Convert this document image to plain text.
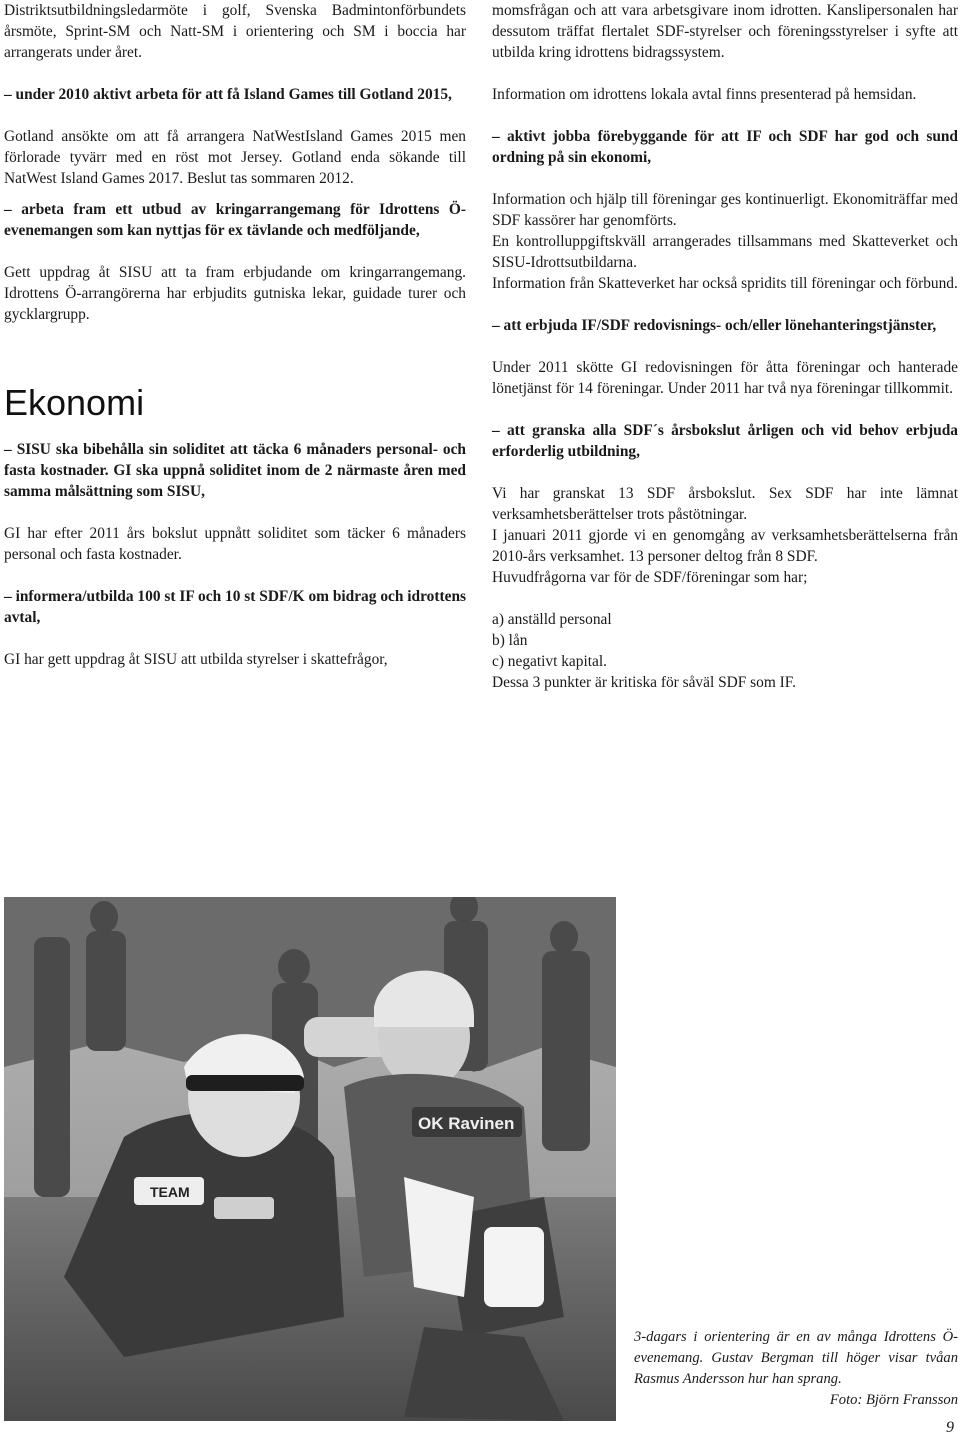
Distriktsutbildningsledarmöte i golf, Svenska Badmintonförbundets årsmöte, Sprint-SM och Natt-SM i orientering och SM i boccia har arrangerats under året.

– under 2010 aktivt arbeta för att få Island Games till Gotland 2015,

Gotland ansökte om att få arrangera NatWestIsland Games 2015 men förlorade tyvärr med en röst mot Jersey. Gotland enda sökande till NatWest Island Games 2017. Beslut tas sommaren 2012.

– arbeta fram ett utbud av kringarrangemang för Idrottens Ö-evenemangen som kan nyttjas för ex tävlande och medföljande,

Gett uppdrag åt SISU att ta fram erbjudande om kringarrangemang. Idrottens Ö-arrangörerna har erbjudits gutniska lekar, guidade turer och gycklargrupp.

Ekonomi

– SISU ska bibehålla sin soliditet att täcka 6 månaders personal- och fasta kostnader. GI ska uppnå soliditet inom de 2 närmaste åren med samma målsättning som SISU,

GI har efter 2011 års bokslut uppnått soliditet som täcker 6 månaders personal och fasta kostnader.

– informera/utbilda 100 st IF och 10 st SDF/K om bidrag och idrottens avtal,

GI har gett uppdrag åt SISU att utbilda styrelser i skattefrågor,

momsfrågan och att vara arbetsgivare inom idrotten. Kanslipersonalen har dessutom träffat flertalet SDF-styrelser och föreningsstyrelser i syfte att utbilda kring idrottens bidragssystem.

Information om idrottens lokala avtal finns presenterad på hemsidan.

– aktivt jobba förebyggande för att IF och SDF har god och sund ordning på sin ekonomi,

Information och hjälp till föreningar ges kontinuerligt. Ekonomiträffar med SDF kassörer har genomförts.

En kontrolluppgiftskväll arrangerades tillsammans med Skatteverket och SISU-Idrottsutbildarna.

Information från Skatteverket har också spridits till föreningar och förbund.

– att erbjuda IF/SDF redovisnings- och/eller lönehanteringstjänster,

Under 2011 skötte GI redovisningen för åtta föreningar och hanterade lönetjänst för 14 föreningar. Under 2011 har två nya föreningar tillkommit.

– att granska alla SDF´s årsbokslut årligen och vid behov erbjuda erforderlig utbildning,

Vi har granskat 13 SDF årsbokslut. Sex SDF har inte lämnat verksamhetsberättelser trots påstötningar.

I januari 2011 gjorde vi en genomgång av verksamhetsberättelserna från 2010-års verksamhet. 13 personer deltog från 8 SDF.

Huvudfrågorna var för de SDF/föreningar som har;

a) anställd personal

b) lån

c) negativt kapital.

Dessa 3 punkter är kritiska för såväl SDF som IF.

TEAM
OK Ravinen
3-dagars i orientering är en av många Idrottens Ö-evenemang. Gustav Bergman till höger visar tvåan Rasmus Andersson hur han sprang.
Foto: Björn Fransson
9
